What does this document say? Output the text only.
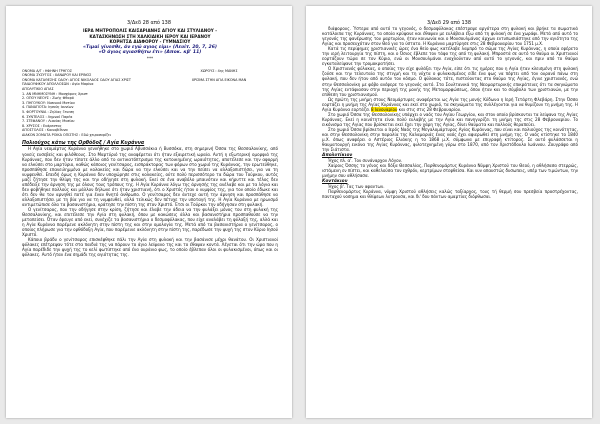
3/Δεδ 28 από 138
ΙΕΡΑ ΜΗΤΡΟΠΟΛΙΣ ΚΑΙΣΑΡΙΑΝΗΣ ΑΓΙΟΥ ΚΑΙ ΣΤΥΛΙΑΝΟΥ -
ΚΑΤΑΣΚΗΝΩΣΗ ΣΤΗ ΧΑΛΚΙΔΙΚΗ ΙΕΡΟΥ ΚΑΙ ΙΕΡΑΝΟΥ
ΚΟΡΗΤΣΑ ΔΙΑΦΟΡΟΥ - ΓΥΜΝΑΣΙΟΥ
«Τιμαί γίνεσθε, άν εγώ αγιος είμι» (Λευίτ. 20, 7, 26)
«Ο άγιος αγιασθήτω έτι» (Αποκ. κβ' 11)
***
ΟΝΟΜΑ Α/Γ : ΗΦΗΝΗ ΓΡΗΓΟΣ
ΟΝΟΜΑ ΣΥΖΥΓΟΣ : ΧΑΝΔΡΟΥ ΚΑΙ ΕΡΙΝΟΣ
ΟΝΟΜΑ ΚΑΤΑΘΕΣΗΣ ΟΔΟΥ: ΑΓΙΟΣ ΝΙΚΟΛΑΟΣ ΟΔΟΥ ΑΓΙΑΣ ΧΡΙΣΤ
ΠΑΙΔΟΥΦΙΚΟΥ ΑΠΟΛΛΟΣΩΝ : Αγία Μαρίνα
ΑΠΟΛΥΤΙΚΙΟ ΑΓΙΑΣ
1. ΑΝ ΜΝΗΜΟΣΥΝΗ : Μοσχάριες Χριστ
2. ΟΠΟΥ ΝΕΟΥΣ : Ζωής Φθαρό
3. ΠΗΓΟΥΚΟΥ: Νισινικό Ματίου
4. ΠΑΝΑΓΙΟΤΑ: Ιησούς Ιουνίων
5. ΦΟΡΤΟΥΝΙΑ : Ζηλίας Γενεση
6. ΣΥΝΤΕΛΟΣ : Λημνού Παρέα
7. ΣΤΕΦΑΝΟΥ : Λιανίας Μυσίου
8. ΧΡΥΣΟΣ : Ευάρεστος
ΑΠΟΣΤΟΛΟΣ : Κοινοβίθυνα
ΔΙΑΚΟΝ ΣΟΜΑΤΑ ΡΟΙΚΑ ΟΠΙΣΤΗΣ : Εδώ χειροσυρίζει
ΧΩΡΟΥΣ : 4ης ΜΑΝΗΣ

ΧΡΙΣΜΑ ΣΤΗΝ ΑΓΙΑ ΕΙΚΟΝΑ ΜΑΝ
Πολιούχος κάτω της Ορθόδοξ / Αγία Κυράννα

Η Αγία νεομάρτυς Κυράννα γεννήθηκε στο χωριό Αβυσσάκια ή Βυσσόκα, στη σημερινή Όσσα της Θεσσαλονίκης, από γονείς ευσεβείς και φιλόθεους. Στο Μαρτύριό της αναφέρεται ότι ήταν εξαιρετική ωραία. Αυτή η εξωτερική ομορφιά της Κυράννας, που δεν ήταν τίποτε άλλο από το αντικατόπτρισμα της κατοικημένης ωραιότητος, αποτέλεσε και την αφορμή να ελκύσει στο μαρτύριο, καθώς κάποιος γενίτσαρος, εισπράκτορας των φόρων στο χωριό της Κυράννας, την ερωτεύθηκε, προσπάθησε επανειλημμένα με κολακείες και δώρα να την ελκύσει και να την πείσει να αλλαξοπιστήσει, για να τη νυμφευθεί. Επειδή όμως η Κυράννα δεν υποχώρησε στις κολακείες, ούτε πολύ περισσότερο τα δώρα του Τούρκου, αυτός μαζί ζήτησε την θλίψη της και την οδήγησε στη φυλακή. Εκεί σε ένα αναβόλο μπαινόταν και κήρυττε και τέλος δεν απέδειξε την άρνηση της με όλους τους τρόπους της. Η Αγία Κυράννα λόγω της άρνησής της ανέλαβε και με τα λόγια και δεν φοβήθηκε πολλούς και μάλλον δήλωνε ότι ήταν χριστιανή, ότι ο Χριστός ήταν ο νυμφίος της, για τον οποίο έδωκε και ότι δεν θα τον αρνηθεί ποτέ για έναν θνητό άνθρωπο. Ο γενίτσαρος δεν άντεχε αυτή την άρνηση και προσπάθησε να αλλαξοπιστήσει με τη βία για να τη νυμφευθεί, αλλά τελικώς δεν πέτυχε την υποταγή της. Η Αγία Κυράννα με ηρωισμό αντιμετώπισε όλα τα βασανιστήρια, κράτησε την πίστη της στον Χριστό. Έτσι οι Τούρκοι την οδήγησαν στη φυλακή.

Ο γενίτσαρος, που την οδήγησε στην κρίση, ζήτησε και έλαβε την άδεια να την φυλάξει μόνος του στη φυλακή της Θεσσαλονίκης, και επιτέλεσε την Αγία στη φυλακή, όπου με κακώσεις άλλα και βασανιστήρια προσπαθούσε να την μεταπείσει. Όταν έφευγε από εκεί, συνέχιζε τα βασανιστήρια ο δεσμοφύλακας, που είχε αναλάβει τη φύλαξή της, αλλά και η Αγία Κυράννα παρέμενε ακλόνητη στην πίστη της και στην ομολογία της. Μετά από τα βασανιστήρια ο γενίτσαρος, ο οποίος πλήρωσε για την ορθόδοξη Αγία, που παρέμεινε ακλόνητη στην πίστη της, παρέδωσε την ψυχή της στον Κύριο Ιησού Χριστό.

Κάποιο βράδυ ο γενίτσαρος επισκέφθηκε πάλι την Αγία στη φυλακή και την βασάνισε μέχρι θανάτου. Οι Χριστιανοί φύλακες επέτρεψαν τότε στα παιδιά της να πάρουν το άγιο λείψανο της και το έθαψαν κοντά. Λέγεται ότι την ώρα που η Αγία παρέδιδε την ψυχή της το κελί φωτίστηκε από ένα ουράνιο φως, το οποίο έβλεπαν όλοι οι φυλακισμένοι, όπως και οι φύλακες. Αυτό ήταν ένα σημάδι της αγιότητας της.

3/Δεδ 29 από 138

διάφορους. Ύστερα από αυτό το γεγονός, ο δεσμοφύλακας επέστρεψε αργότερα στη φυλακή και βρήκε τα σωματικά κατάλοιπα της Κυράννας, τα οποία κρύψανε και έθαψαν με ευλάβεια έξω από τη φυλακή σε ένα χωράφι. Μετά από αυτό το γεγονός της φανέρωσης του μαρτυρίου, ήταν κοινωνία και ο Μουσουλμάνος άρχων εντυπωσιάστηκε από την αγιότητα της Αγίας και προσευχόταν στον Θεό για το ύστατο. Η Κυράννα μαρτύρησε στις 28 Φεβρουαρίου του 1751 μ.Χ.

Κατά τις περίφημες χριστιανικές ώρες ένα θείο φως κατέλαβε λαμπρό το σώμα της Αγίας Κυράννας, η οποία εφέρετο την ιερή λειτουργία της πίστη, και ο Όσιος έβλεπε τον τάφο της από τη φυλακή. Μπροστά σε αυτό το θαύμα οι Χριστιανοί εορτάζουν τώρα σε τον Κύριο, ενώ οι Μουσουλμάνοι ενοχλούνταν από αυτό το γεγονός, και πριν από το θαύμα εγκαταλείψανε την τρομοκρατήσει.

Ο Χριστιανός φύλακας, ο οποίος την είχε φυλάξει την Αγία, είπε ότι τις ημέρες που η Αγία ήταν κλεισμένη στη φυλακή ζούσε και την τελευταία της στιγμή και τη νύχτα ο φυλακισμένος είδε ένα φως να πέφτει από τον ουρανό πάνω στη φυλακή, που δεν ήταν από αυτόν τον κόσμο. Ο φύλακας τότε, πιστεύοντας στο θαύμα της Αγίας, έγινε χριστιανός, ενώ στην Θεσσαλονίκη με φόβο ανέφερε το γεγονός αυτό. Στα Σουλτανικά της Νεομαρτυρικής επικράτειας ότι τα σκηνώματα της Αγίας εντάφιασαν στην περιοχή της μονής της Μεταμορφώσεως, όπου ήταν και το σύμβολο των χριστιανών, με την επίθεση του χριστιανισμού.

Ως πρώτη της μνήμη στους Νεομάρτυρες αναφέρεται ως Αγία της μονής Κύδωνα η Ιερή Τετάρτη Φλεβάρη. Στην Όσσα εορτάζει η μνήμη της Αγίας Κυράννας και εκεί στο χωριό, τα σκηνώματα της συλλέγονται για να θυμίζουν τη μνήμη της. Η Αγία Κυράννα εορτάζει 8 Ιανουαρίου και στις στις 28 Φεβρουαρίου.

Στο χωριό Όσσα της Θεσσαλονίκης υπάρχει ο ναός του Αγίου Γεωργίου, και στον οποίο βρίσκονται τα λείψανα της Αγίας Κυράννας. Εκεί η κοινότητα είναι πολύ ευλαβής με την Αγία και πανηγυρίζει τη μνήμη της στις 28 Φεβρουαρίου. Το εικόνισμα της Αγίας που βρίσκεται εκεί έχει την χάρη της Αγίας, δίνει θαύματα και πολλούς θεραπεύει.

Στο χωριό Όσσα βρίσκεται ο Ιερός Ναός της Μεγαλομάρτυρος Αγίας Κυράννας, που είναι και πολιούχος της κοινότητας, και στην Θεσσαλονίκη στην παραλία της Καλαμαριάς ένας ναός έχει αφιερωθεί στη μνήμη της. Ο ναός κτίστηκε το 1840 μ.Χ. όπως αναφέρει ο Αστέριος Ελιάκης η το 1868 μ.Χ. σύμφωνα με επιγραφή κτίτορος. Σε αυτό φυλάσσεται η θαυματουργή εικόνα της Αγίας Κυράννας, φιλοτεχνημένη γύρω στο 1870, από τον Χριστόδουλο Ιωάννου. Ζουγράφο από την Σιάτιστα.

Απολυτίκιον

Ήχος πλ. α'. Τον συνάναρχον Λόγον.

Χαίροις Όσσης το γένος και δόξα Θεσσαλίας, Παρθενομάρτυς Κυράννα Νύμφη Χριστού του Θεού, η αθλήσασα στερρώς, ιστάμενη εν πίστει, και καθελούσα τον εχθρόν, κερτρίμων στεφθείσα. Και νυν απαυστώς δυσωπεις, υπέρ των τιμώντων, την μνήμην σου αθλήσασα.

Κοντάκιον

Ήχος β'. Τας των αφαντων.

Παρθενομάρτυς Κυράννα, νύμφη Χριστού αθλήσεις καλώς ταξίαρχος, τους τή θερμή σου πρεσβεία προστρέχοντας, πανταχού νοσημα και θλίψεων λυτρουσα, και δι' δου πάντων αμαρτίας διόρθωσαι.
